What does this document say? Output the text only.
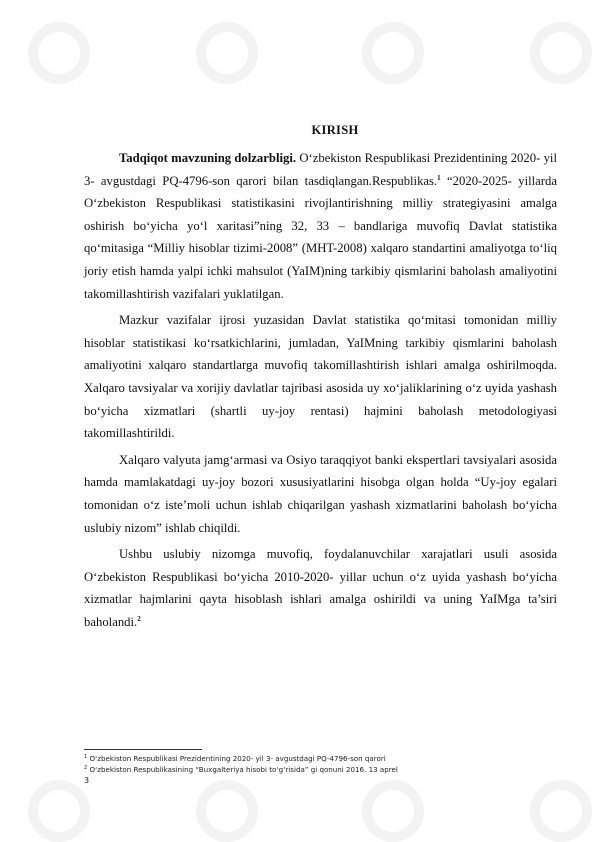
KIRISH

Tadqiqot mavzuning dolzarbligi. O‘zbekiston Respublikasi Prezidentining 2020- yil 3- avgustdagi PQ-4796-son qarori bilan tasdiqlangan.Respublikas.$^1$ “2020-2025- yillarda O‘zbekiston Respublikasi statistikasini rivojlantirishning milliy strategiyasini amalga oshirish bo‘yicha yo‘l xaritasi”ning 32, 33 – bandlariga muvofiq Davlat statistika qo‘mitasiga “Milliy hisoblar tizimi-2008” (MHT-2008) xalqaro standartini amaliyotga to‘liq joriy etish hamda yalpi ichki mahsulot (YaIM)ning tarkibiy qismlarini baholash amaliyotini takomillashtirish vazifalari yuklatilgan.

Mazkur vazifalar ijrosi yuzasidan Davlat statistika qo‘mitasi tomonidan milliy hisoblar statistikasi ko‘rsatkichlarini, jumladan, YaIMning tarkibiy qismlarini baholash amaliyotini xalqaro standartlarga muvofiq takomillashtirish ishlari amalga oshirilmoqda. Xalqaro tavsiyalar va xorijiy davlatlar tajribasi asosida uy xo‘jaliklarining o‘z uyida yashash bo‘yicha xizmatlari (shartli uy-joy rentasi) hajmini baholash metodologiyasi takomillashtirildi.

Xalqaro valyuta jamg‘armasi va Osiyo taraqqiyot banki ekspertlari tavsiyalari asosida hamda mamlakatdagi uy-joy bozori xususiyatlarini hisobga olgan holda “Uy-joy egalari tomonidan o‘z iste’moli uchun ishlab chiqarilgan yashash xizmatlarini baholash bo‘yicha uslubiy nizom” ishlab chiqildi.

Ushbu uslubiy nizomga muvofiq, foydalanuvchilar xarajatlari usuli asosida O‘zbekiston Respublikasi bo‘yicha 2010-2020- yillar uchun o‘z uyida yashash bo‘yicha xizmatlar hajmlarini qayta hisoblash ishlari amalga oshirildi va uning YaIMga ta’siri baholandi.$^2$

$^1$ O‘zbekiston Respublikasi Prezidentining 2020- yil 3- avgustdagi PQ-4796-son qarori
$^2$ O‘zbekiston Respublikasining “Buxgalteriya hisobi to‘g‘risida” gi qonuni 2016. 13 aprel
3
